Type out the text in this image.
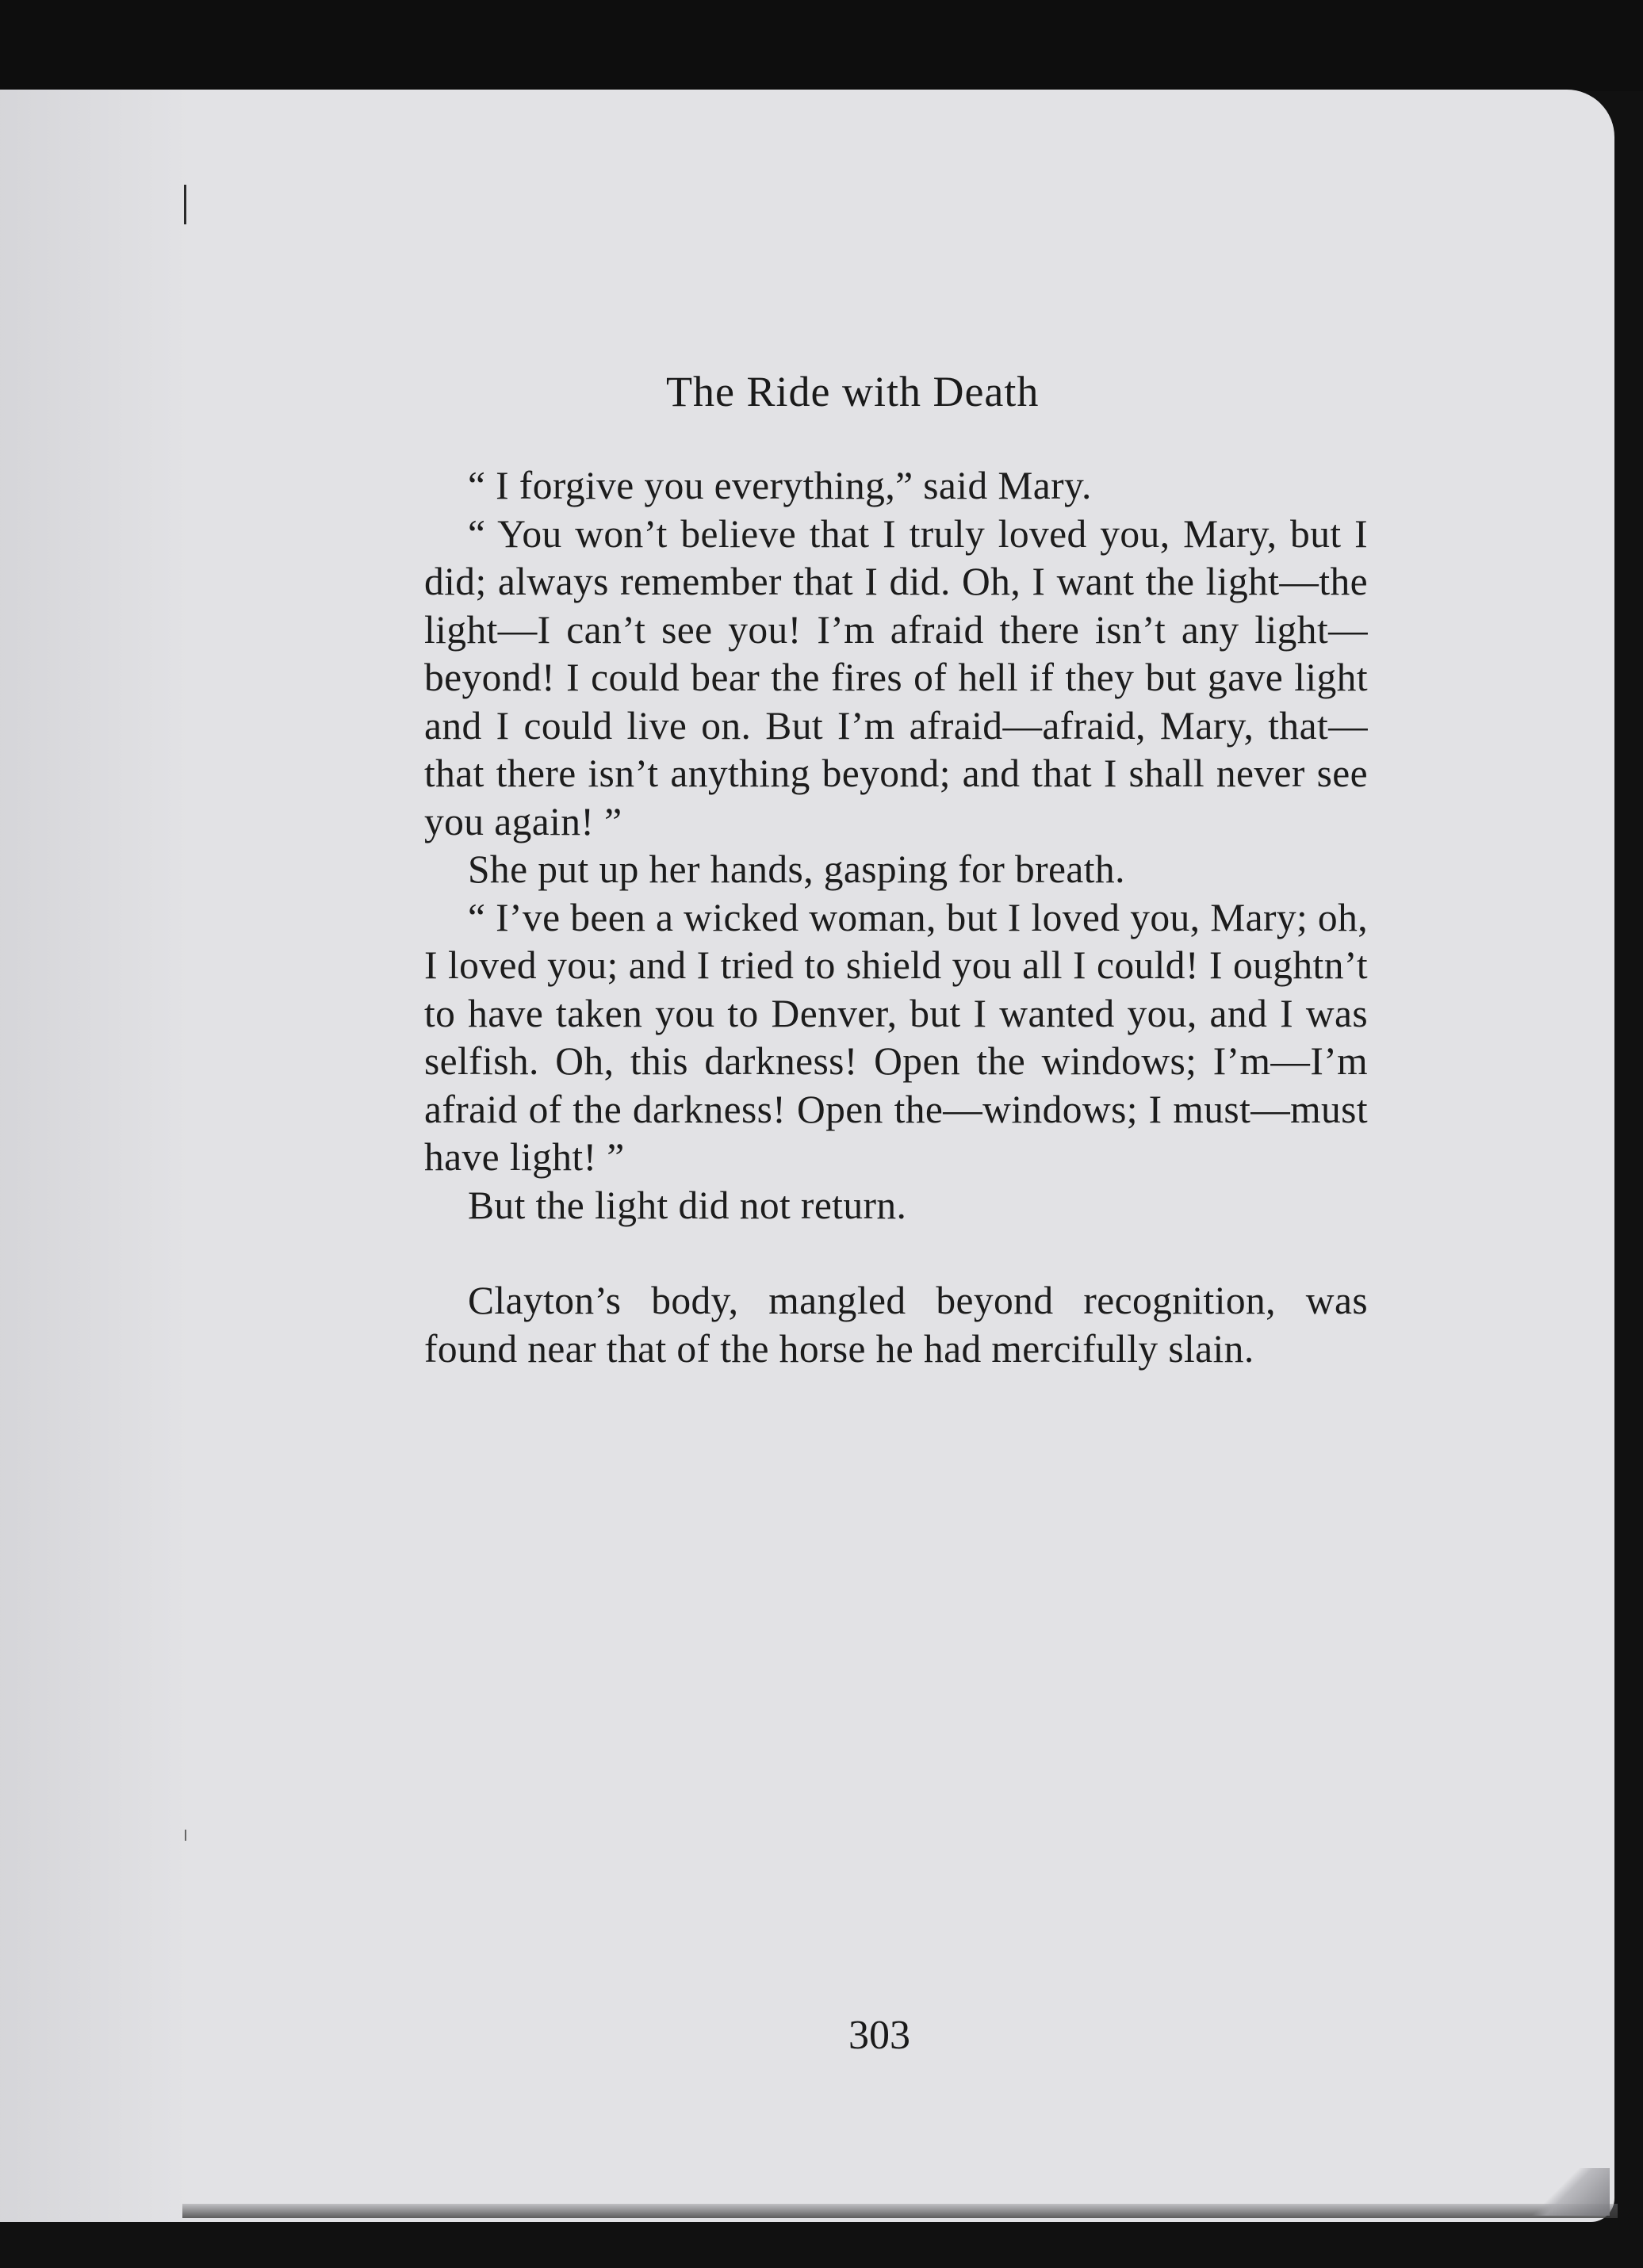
The Ride with Death

“ I forgive you everything,” said Mary.

“ You won’t believe that I truly loved you, Mary, but I did; always remember that I did. Oh, I want the light—the light—I can’t see you! I’m afraid there isn’t any light—beyond! I could bear the fires of hell if they but gave light and I could live on. But I’m afraid—afraid, Mary, that—that there isn’t anything beyond; and that I shall never see you again! ”

She put up her hands, gasping for breath.

“ I’ve been a wicked woman, but I loved you, Mary; oh, I loved you; and I tried to shield you all I could! I oughtn’t to have taken you to Denver, but I wanted you, and I was selfish. Oh, this darkness! Open the windows; I’m—I’m afraid of the darkness! Open the—windows; I must—must have light! ”

But the light did not return.

Clayton’s body, mangled beyond recognition, was found near that of the horse he had mercifully slain.

303
